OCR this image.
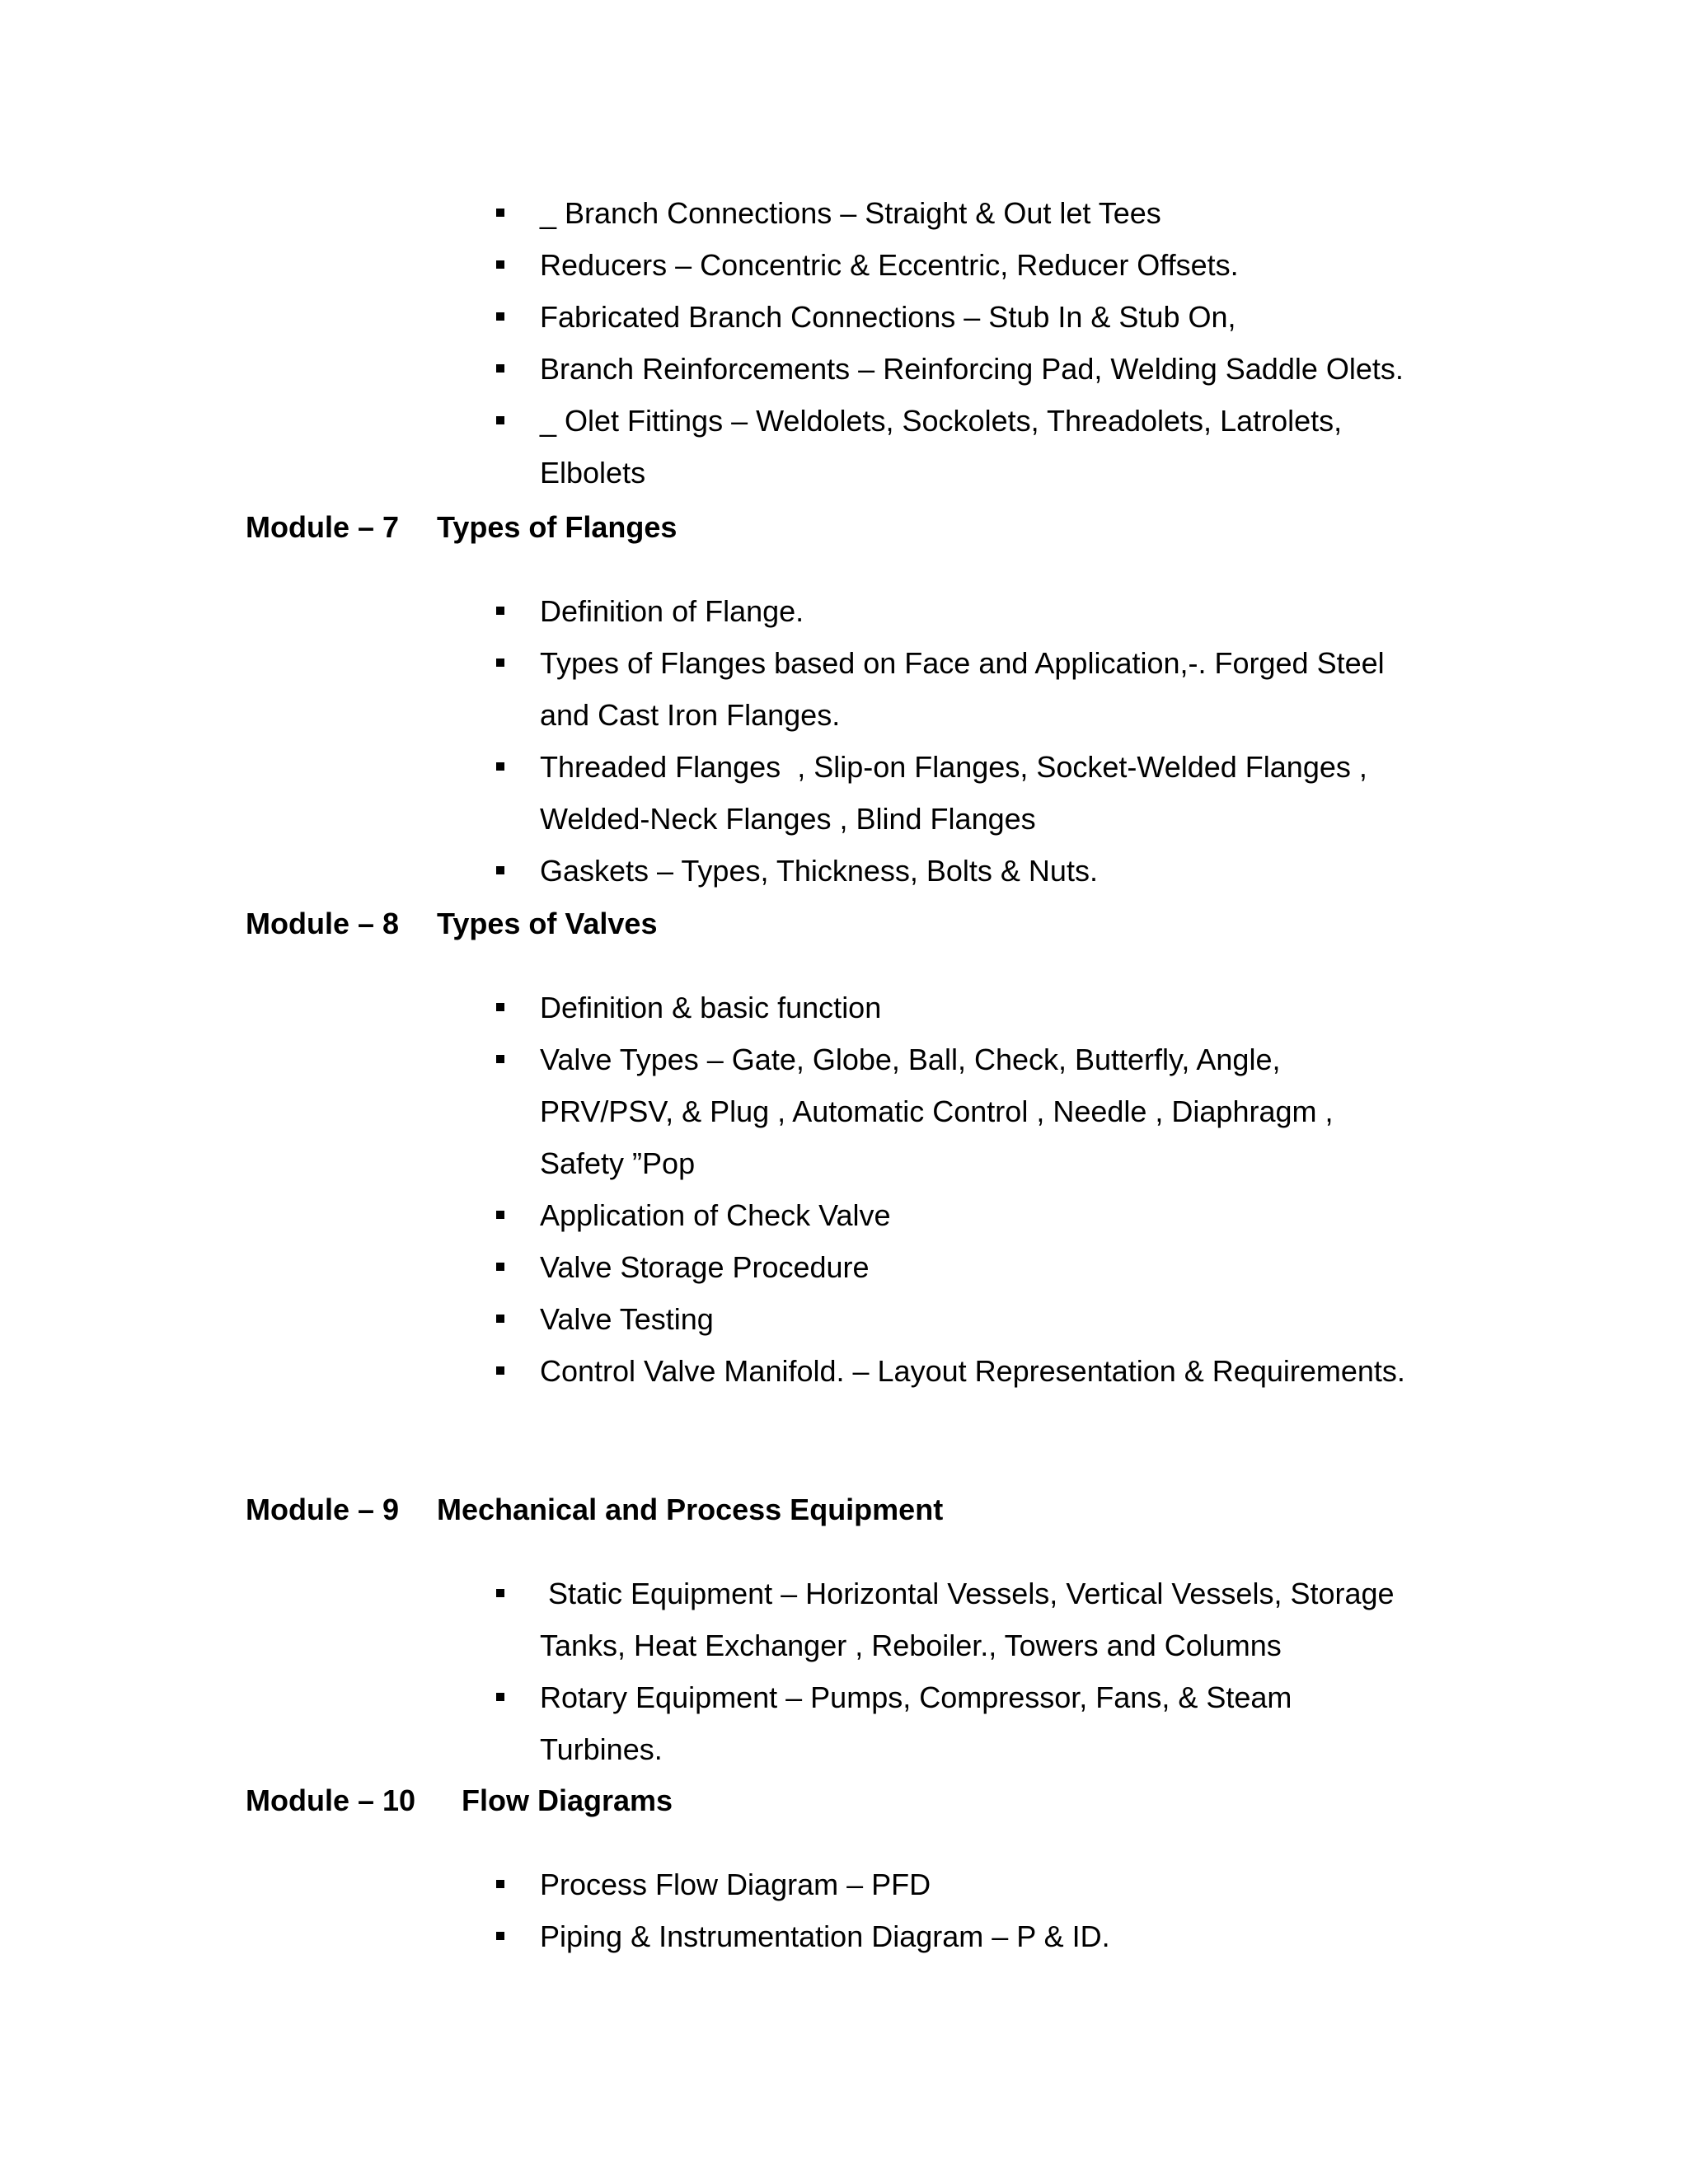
_ Branch Connections – Straight & Out let Tees
Reducers – Concentric & Eccentric, Reducer Offsets.
Fabricated Branch Connections – Stub In & Stub On,
Branch Reinforcements – Reinforcing Pad, Welding Saddle Olets.
_ Olet Fittings – Weldolets, Sockolets, Threadolets, Latrolets,
Elbolets
Module – 7 Types of Flanges
Definition of Flange.
Types of Flanges based on Face and Application,-. Forged Steel
and Cast Iron Flanges.
Threaded Flanges  , Slip-on Flanges, Socket-Welded Flanges ,
Welded-Neck Flanges , Blind Flanges
Gaskets – Types, Thickness, Bolts & Nuts.
Module – 8 Types of Valves
Definition & basic function
Valve Types – Gate, Globe, Ball, Check, Butterfly, Angle,
PRV/PSV, & Plug , Automatic Control , Needle , Diaphragm ,
Safety ”Pop
Application of Check Valve
Valve Storage Procedure
Valve Testing
Control Valve Manifold. – Layout Representation & Requirements.
Module – 9 Mechanical and Process Equipment
Static Equipment – Horizontal Vessels, Vertical Vessels, Storage
Tanks, Heat Exchanger , Reboiler., Towers and Columns
Rotary Equipment – Pumps, Compressor, Fans, & Steam
Turbines.
Module – 10 Flow Diagrams
Process Flow Diagram – PFD
Piping & Instrumentation Diagram – P & ID.
